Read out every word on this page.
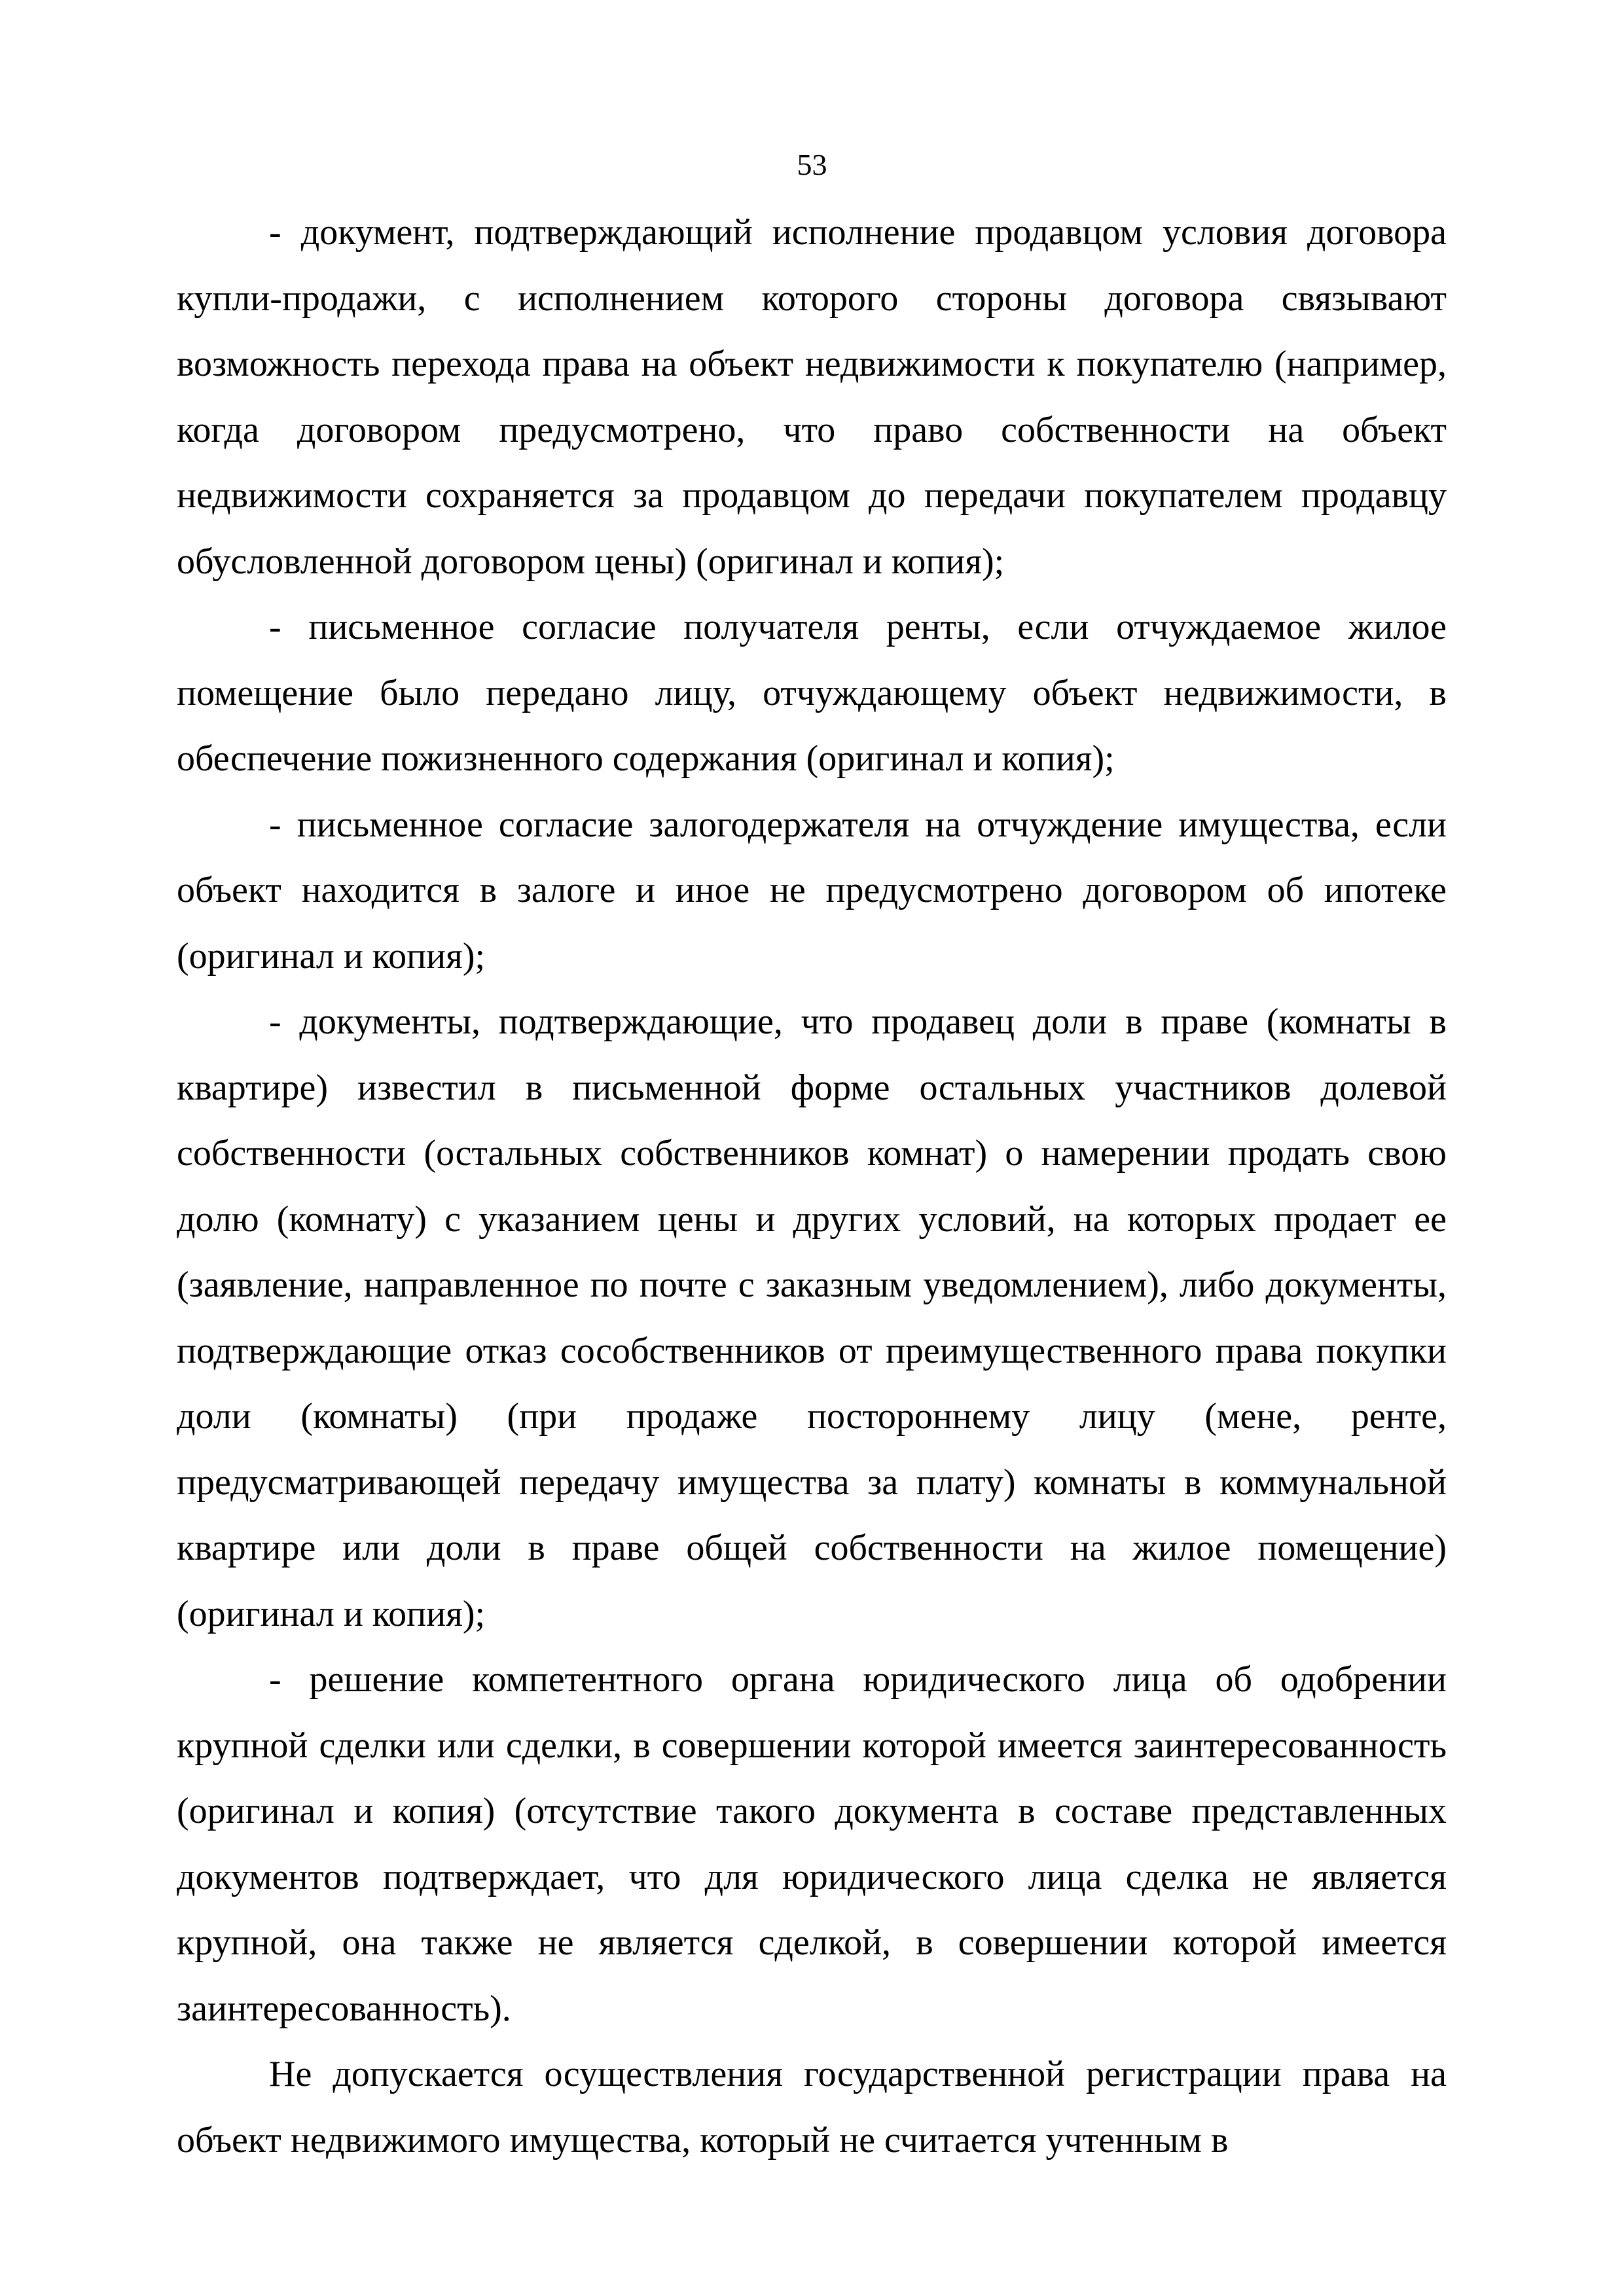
53

- документ, подтверждающий исполнение продавцом условия договора купли-продажи, с исполнением которого стороны договора связывают возможность перехода права на объект недвижимости к покупателю (например, когда договором предусмотрено, что право собственности на объект недвижимости сохраняется за продавцом до передачи покупателем продавцу обусловленной договором цены) (оригинал и копия);

- письменное согласие получателя ренты, если отчуждаемое жилое помещение было передано лицу, отчуждающему объект недвижимости, в обеспечение пожизненного содержания (оригинал и копия);

- письменное согласие залогодержателя на отчуждение имущества, если объект находится в залоге и иное не предусмотрено договором об ипотеке (оригинал и копия);

- документы, подтверждающие, что продавец доли в праве (комнаты в квартире) известил в письменной форме остальных участников долевой собственности (остальных собственников комнат) о намерении продать свою долю (комнату) с указанием цены и других условий, на которых продает ее (заявление, направленное по почте с заказным уведомлением), либо документы, подтверждающие отказ сособственников от преимущественного права покупки доли (комнаты) (при продаже постороннему лицу (мене, ренте, предусматривающей передачу имущества за плату) комнаты в коммунальной квартире или доли в праве общей собственности на жилое помещение) (оригинал и копия);

- решение компетентного органа юридического лица об одобрении крупной сделки или сделки, в совершении которой имеется заинтересованность (оригинал и копия) (отсутствие такого документа в составе представленных документов подтверждает, что для юридического лица сделка не является крупной, она также не является сделкой, в совершении которой имеется заинтересованность).

Не допускается осуществления государственной регистрации права на объект недвижимого имущества, который не считается учтенным в
